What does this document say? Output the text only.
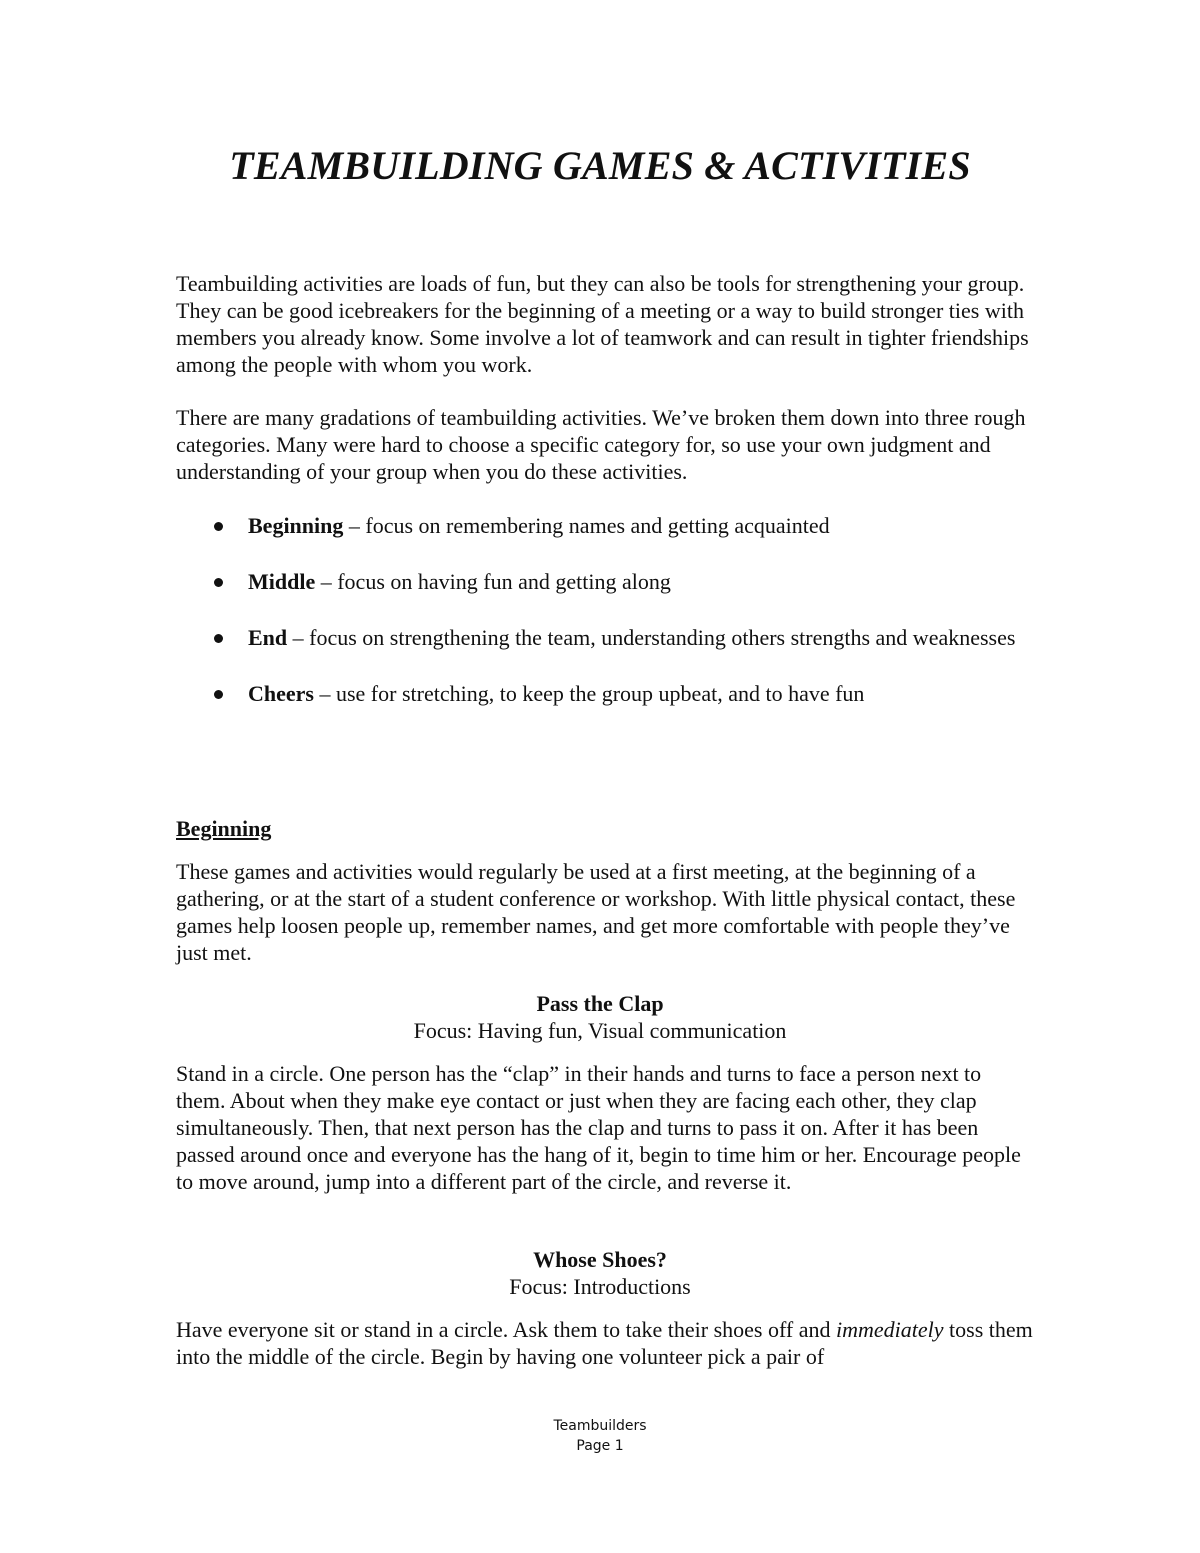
TEAMBUILDING GAMES & ACTIVITIES

Teambuilding activities are loads of fun, but they can also be tools for strengthening your group. They can be good icebreakers for the beginning of a meeting or a way to build stronger ties with members you already know. Some involve a lot of teamwork and can result in tighter friendships among the people with whom you work.

There are many gradations of teambuilding activities. We’ve broken them down into three rough categories. Many were hard to choose a specific category for, so use your own judgment and understanding of your group when you do these activities.

Beginning – focus on remembering names and getting acquainted
Middle – focus on having fun and getting along
End – focus on strengthening the team, understanding others strengths and weaknesses
Cheers – use for stretching, to keep the group upbeat, and to have fun
Beginning

These games and activities would regularly be used at a first meeting, at the beginning of a gathering, or at the start of a student conference or workshop. With little physical contact, these games help loosen people up, remember names, and get more comfortable with people they’ve just met.

Pass the Clap

Focus: Having fun, Visual communication

Stand in a circle. One person has the “clap” in their hands and turns to face a person next to them. About when they make eye contact or just when they are facing each other, they clap simultaneously. Then, that next person has the clap and turns to pass it on. After it has been passed around once and everyone has the hang of it, begin to time him or her. Encourage people to move around, jump into a different part of the circle, and reverse it.

Whose Shoes?

Focus: Introductions

Have everyone sit or stand in a circle. Ask them to take their shoes off and immediately toss them into the middle of the circle. Begin by having one volunteer pick a pair of

Teambuilders

Page 1
